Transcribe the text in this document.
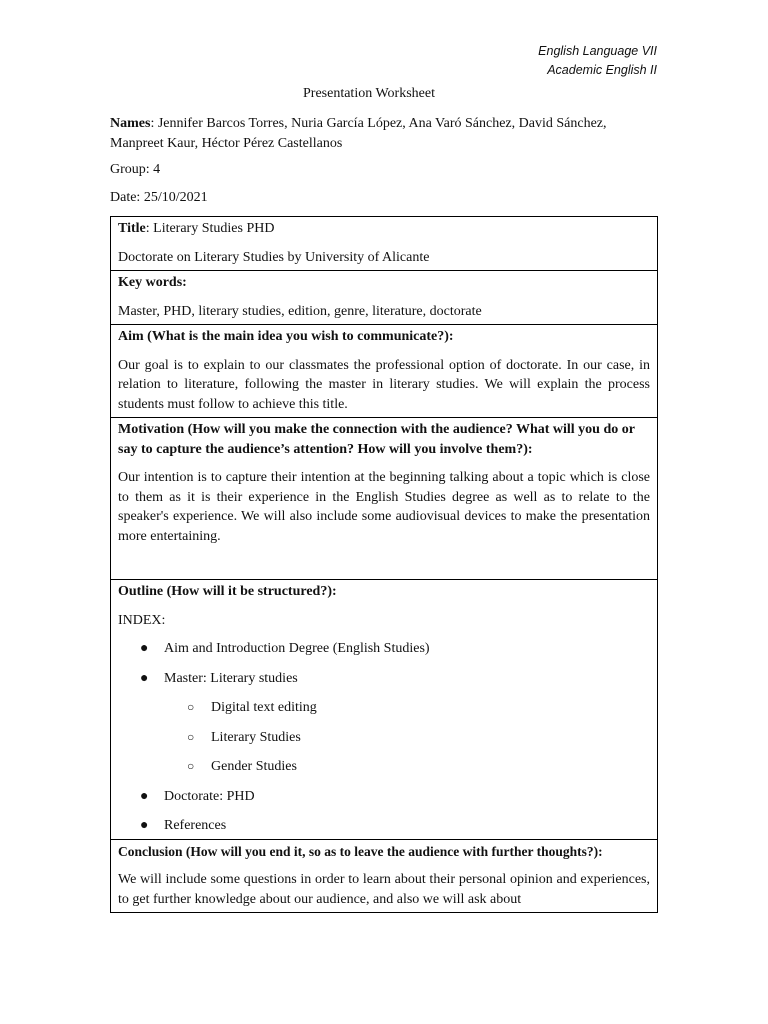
English Language VII
Academic English II
Presentation Worksheet
Names: Jennifer Barcos Torres, Nuria García López, Ana Varó Sánchez, David Sánchez, Manpreet Kaur, Héctor Pérez Castellanos
Group: 4
Date: 25/10/2021

Title: Literary Studies PHD

Doctorate on Literary Studies by University of Alicante

Key words:

Master, PHD, literary studies, edition, genre, literature, doctorate

Aim (What is the main idea you wish to communicate?):

Our goal is to explain to our classmates the professional option of doctorate. In our case, in relation to literature, following the master in literary studies. We will explain the process students must follow to achieve this title.

Motivation (How will you make the connection with the audience? What will you do or say to capture the audience’s attention? How will you involve them?):

Our intention is to capture their intention at the beginning talking about a topic which is close to them as it is their experience in the English Studies degree as well as to relate to the speaker's experience. We will also include some audiovisual devices to make the presentation more entertaining.

Outline (How will it be structured?):

INDEX:

● Aim and Introduction Degree (English Studies)
● Master: Literary studies
○ Digital text editing
○ Literary Studies
○ Gender Studies
● Doctorate: PHD
● References

Conclusion (How will you end it, so as to leave the audience with further thoughts?):

We will include some questions in order to learn about their personal opinion and experiences, to get further knowledge about our audience, and also we will ask about
